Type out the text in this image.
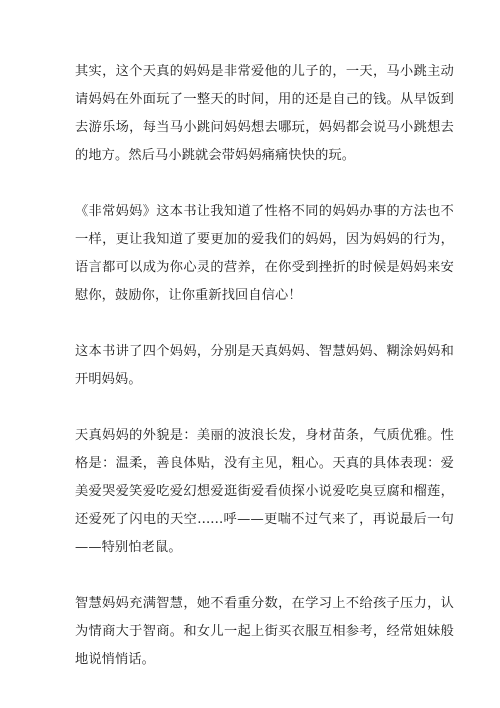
其实，这个天真的妈妈是非常爱他的儿子的，一天，马小跳主动请妈妈在外面玩了一整天的时间，用的还是自己的钱。从早饭到去游乐场，每当马小跳问妈妈想去哪玩，妈妈都会说马小跳想去的地方。然后马小跳就会带妈妈痛痛快快的玩。

《非常妈妈》这本书让我知道了性格不同的妈妈办事的方法也不一样，更让我知道了要更加的爱我们的妈妈，因为妈妈的行为，语言都可以成为你心灵的营养，在你受到挫折的时候是妈妈来安慰你，鼓励你，让你重新找回自信心！

这本书讲了四个妈妈，分别是天真妈妈、智慧妈妈、糊涂妈妈和开明妈妈。

天真妈妈的外貌是：美丽的波浪长发，身材苗条，气质优雅。性格是：温柔，善良体贴，没有主见，粗心。天真的具体表现：爱美爱哭爱笑爱吃爱幻想爱逛街爱看侦探小说爱吃臭豆腐和榴莲，还爱死了闪电的天空......呼——更喘不过气来了，再说最后一句——特别怕老鼠。

智慧妈妈充满智慧，她不看重分数，在学习上不给孩子压力，认为情商大于智商。和女儿一起上街买衣服互相参考，经常姐妹般地说悄悄话。
